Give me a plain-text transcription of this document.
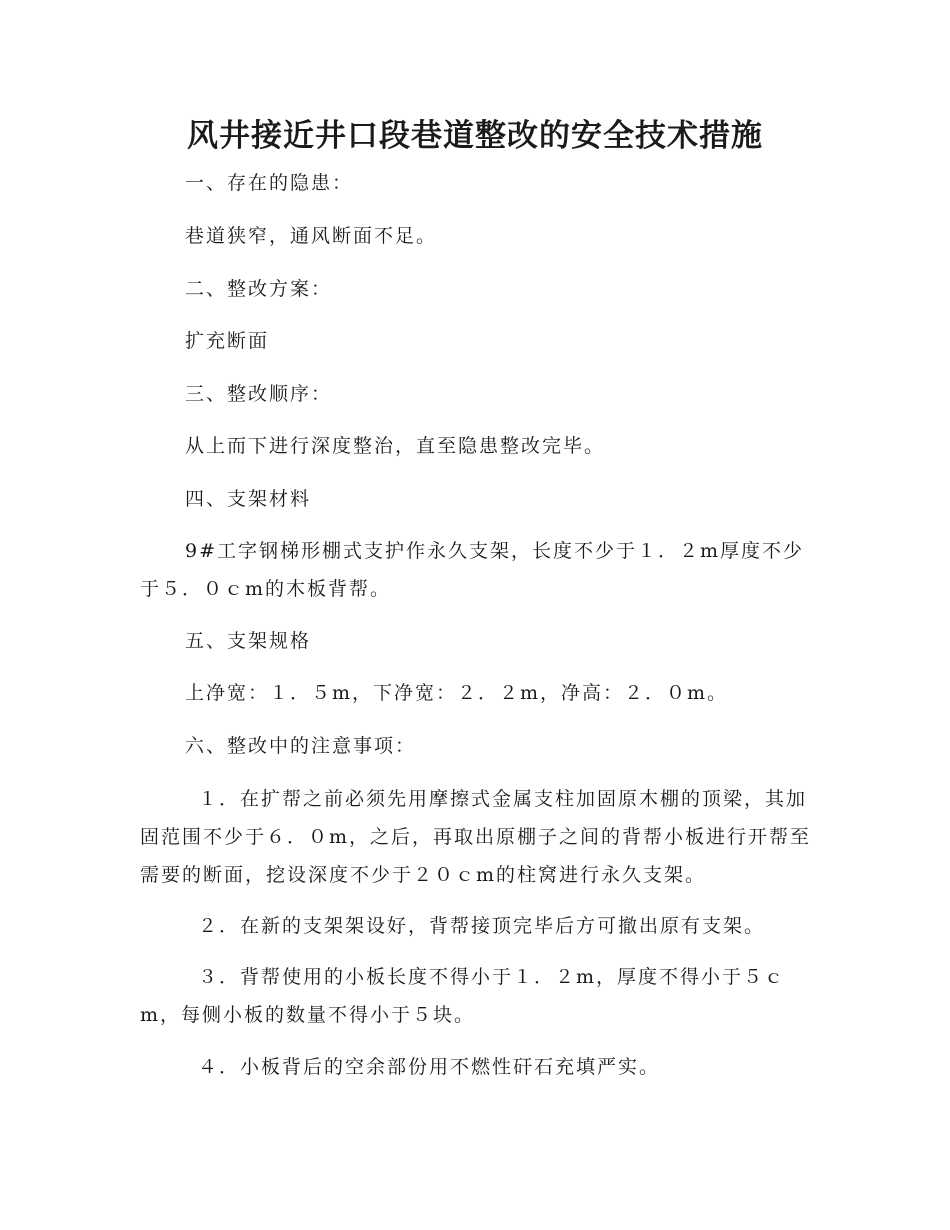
风井接近井口段巷道整改的安全技术措施

一、存在的隐患：

巷道狭窄，通风断面不足。

二、整改方案：

扩充断面

三、整改顺序：

从上而下进行深度整治，直至隐患整改完毕。

四、支架材料

9#工字钢梯形棚式支护作永久支架，长度不少于１．２m厚度不少于５．０ｃm的木板背帮。

五、支架规格

上净宽：１．５m，下净宽：２．２m，净高：２．０m。

六、整改中的注意事项：

１．在扩帮之前必须先用摩擦式金属支柱加固原木棚的顶梁，其加固范围不少于６．０m，之后，再取出原棚子之间的背帮小板进行开帮至需要的断面，挖设深度不少于２０ｃm的柱窝进行永久支架。

２．在新的支架架设好，背帮接顶完毕后方可撤出原有支架。

３．背帮使用的小板长度不得小于１．２m，厚度不得小于５ｃm，每侧小板的数量不得小于５块。

４．小板背后的空余部份用不燃性矸石充填严实。
